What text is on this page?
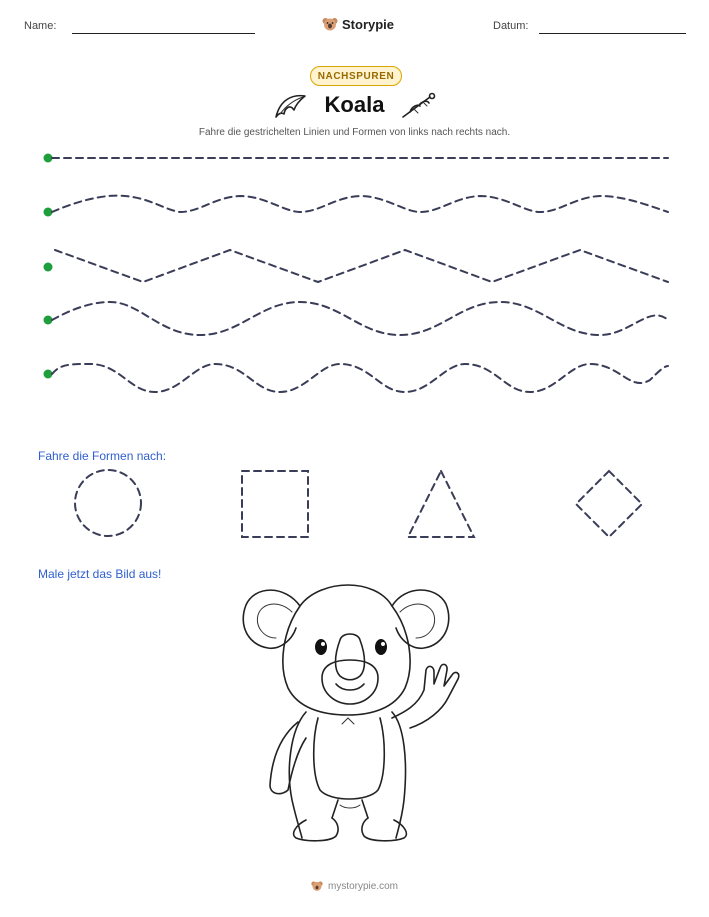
Name:	Storypie	Datum:
NACHSPUREN
Koala
Fahre die gestrichelten Linien und Formen von links nach rechts nach.
Fahre die Formen nach:
Male jetzt das Bild aus!
mystorypie.com
